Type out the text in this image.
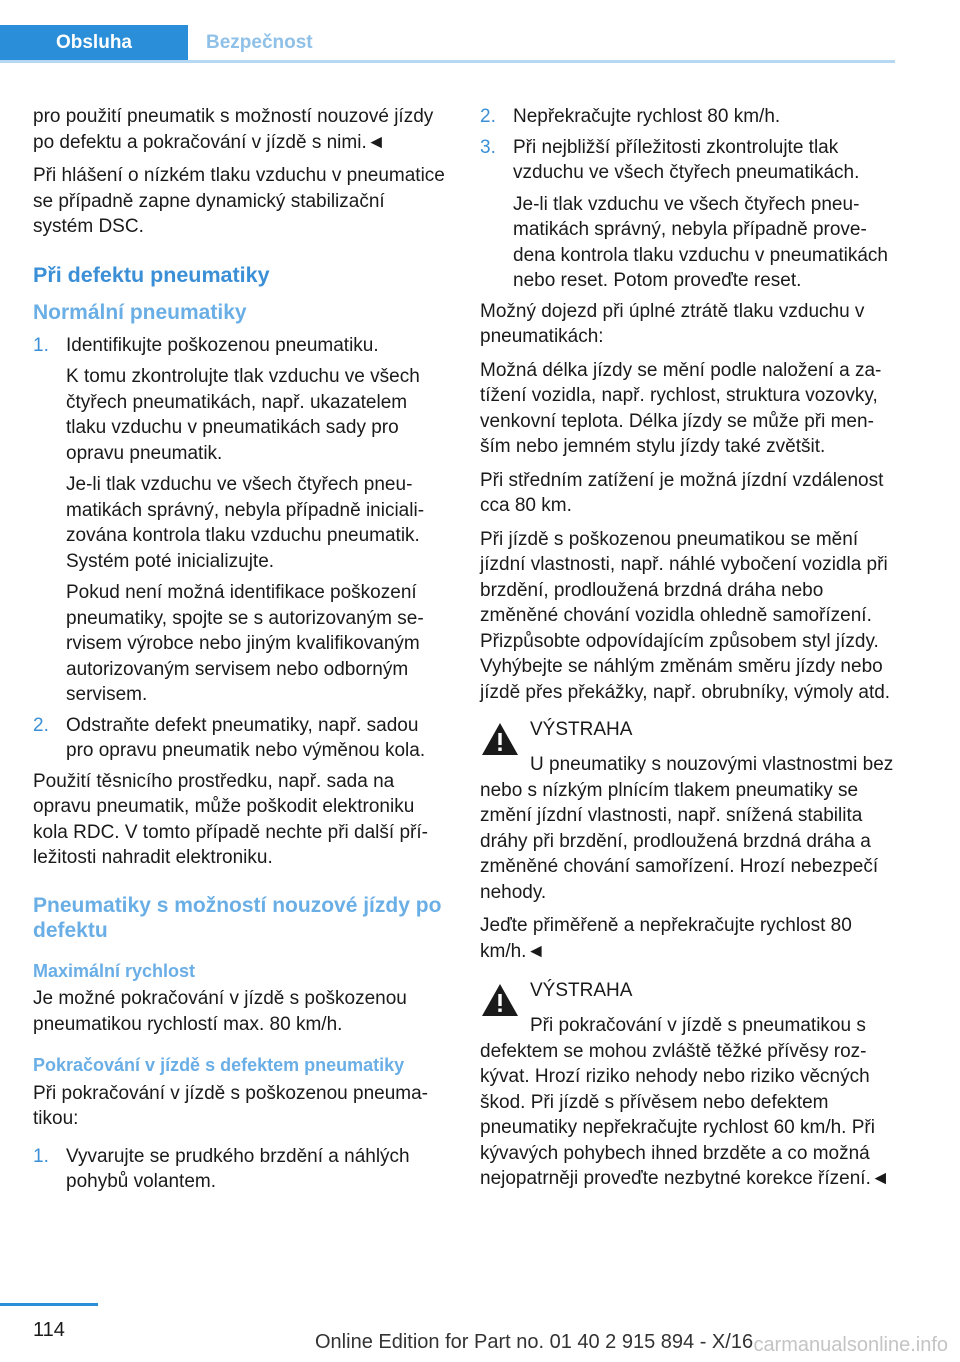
Obsluha	Bezpečnost

pro použití pneumatik s možností nouzové jízdy po defektu a pokračování v jízdě s nimi.◄

Při hlášení o nízkém tlaku vzduchu v pneumatice se případně zapne dynamický stabilizační systém DSC.

Při defektu pneumatiky
Normální pneumatiky
1. Identifikujte poškozenou pneumatiku.

K tomu zkontrolujte tlak vzduchu ve všech čtyřech pneumatikách, např. ukazatelem tlaku vzduchu v pneumatikách sady pro opravu pneumatik.

Je-li tlak vzduchu ve všech čtyřech pneumatikách správný, nebyla případně inicializována kontrola tlaku vzduchu pneumatik. Systém poté inicializujte.

Pokud není možná identifikace poškození pneumatiky, spojte se s autorizovaným servisem výrobce nebo jiným kvalifikovaným autorizovaným servisem nebo odborným servisem.

2. Odstraňte defekt pneumatiky, např. sadou pro opravu pneumatik nebo výměnou kola.

Použití těsnicího prostředku, např. sada na opravu pneumatik, může poškodit elektroniku kola RDC. V tomto případě nechte při další příležitosti nahradit elektroniku.

Pneumatiky s možností nouzové jízdy po defektu
Maximální rychlost

Je možné pokračování v jízdě s poškozenou pneumatikou rychlostí max. 80 km/h.

Pokračování v jízdě s defektem pneumatiky

Při pokračování v jízdě s poškozenou pneumatikou:

1. Vyvarujte se prudkého brzdění a náhlých pohybů volantem.

2. Nepřekračujte rychlost 80 km/h.

3. Při nejbližší příležitosti zkontrolujte tlak vzduchu ve všech čtyřech pneumatikách.

Je-li tlak vzduchu ve všech čtyřech pneumatikách správný, nebyla případně provedena kontrola tlaku vzduchu v pneumatikách nebo reset. Potom proveďte reset.

Možný dojezd při úplné ztrátě tlaku vzduchu v pneumatikách:

Možná délka jízdy se mění podle naložení a zatížení vozidla, např. rychlost, struktura vozovky, venkovní teplota. Délka jízdy se může při menším nebo jemném stylu jízdy také zvětšit.

Při středním zatížení je možná jízdní vzdálenost cca 80 km.

Při jízdě s poškozenou pneumatikou se mění jízdní vlastnosti, např. náhlé vybočení vozidla při brzdění, prodloužená brzdná dráha nebo změněné chování vozidla ohledně samořízení. Přizpůsobte odpovídajícím způsobem styl jízdy. Vyhýbejte se náhlým změnám směru jízdy nebo jízdě přes překážky, např. obrubníky, výmoly atd.

VÝSTRAHA

U pneumatiky s nouzovými vlastnostmi bez nebo s nízkým plnícím tlakem pneumatiky se změní jízdní vlastnosti, např. snížená stabilita dráhy při brzdění, prodloužená brzdná dráha a změněné chování samořízení. Hrozí nebezpečí nehody.

Jeďte přiměřeně a nepřekračujte rychlost 80 km/h.◄

VÝSTRAHA

Při pokračování v jízdě s pneumatikou s defektem se mohou zvláště těžké přívěsy rozkývat. Hrozí riziko nehody nebo riziko věcných škod. Při jízdě s přívěsem nebo defektem pneumatiky nepřekračujte rychlost 60 km/h. Při kývavých pohybech ihned brzděte a co možná nejopatrněji proveďte nezbytné korekce řízení.◄

114
Online Edition for Part no. 01 40 2 915 894 - X/16 carmanualsonline.info
